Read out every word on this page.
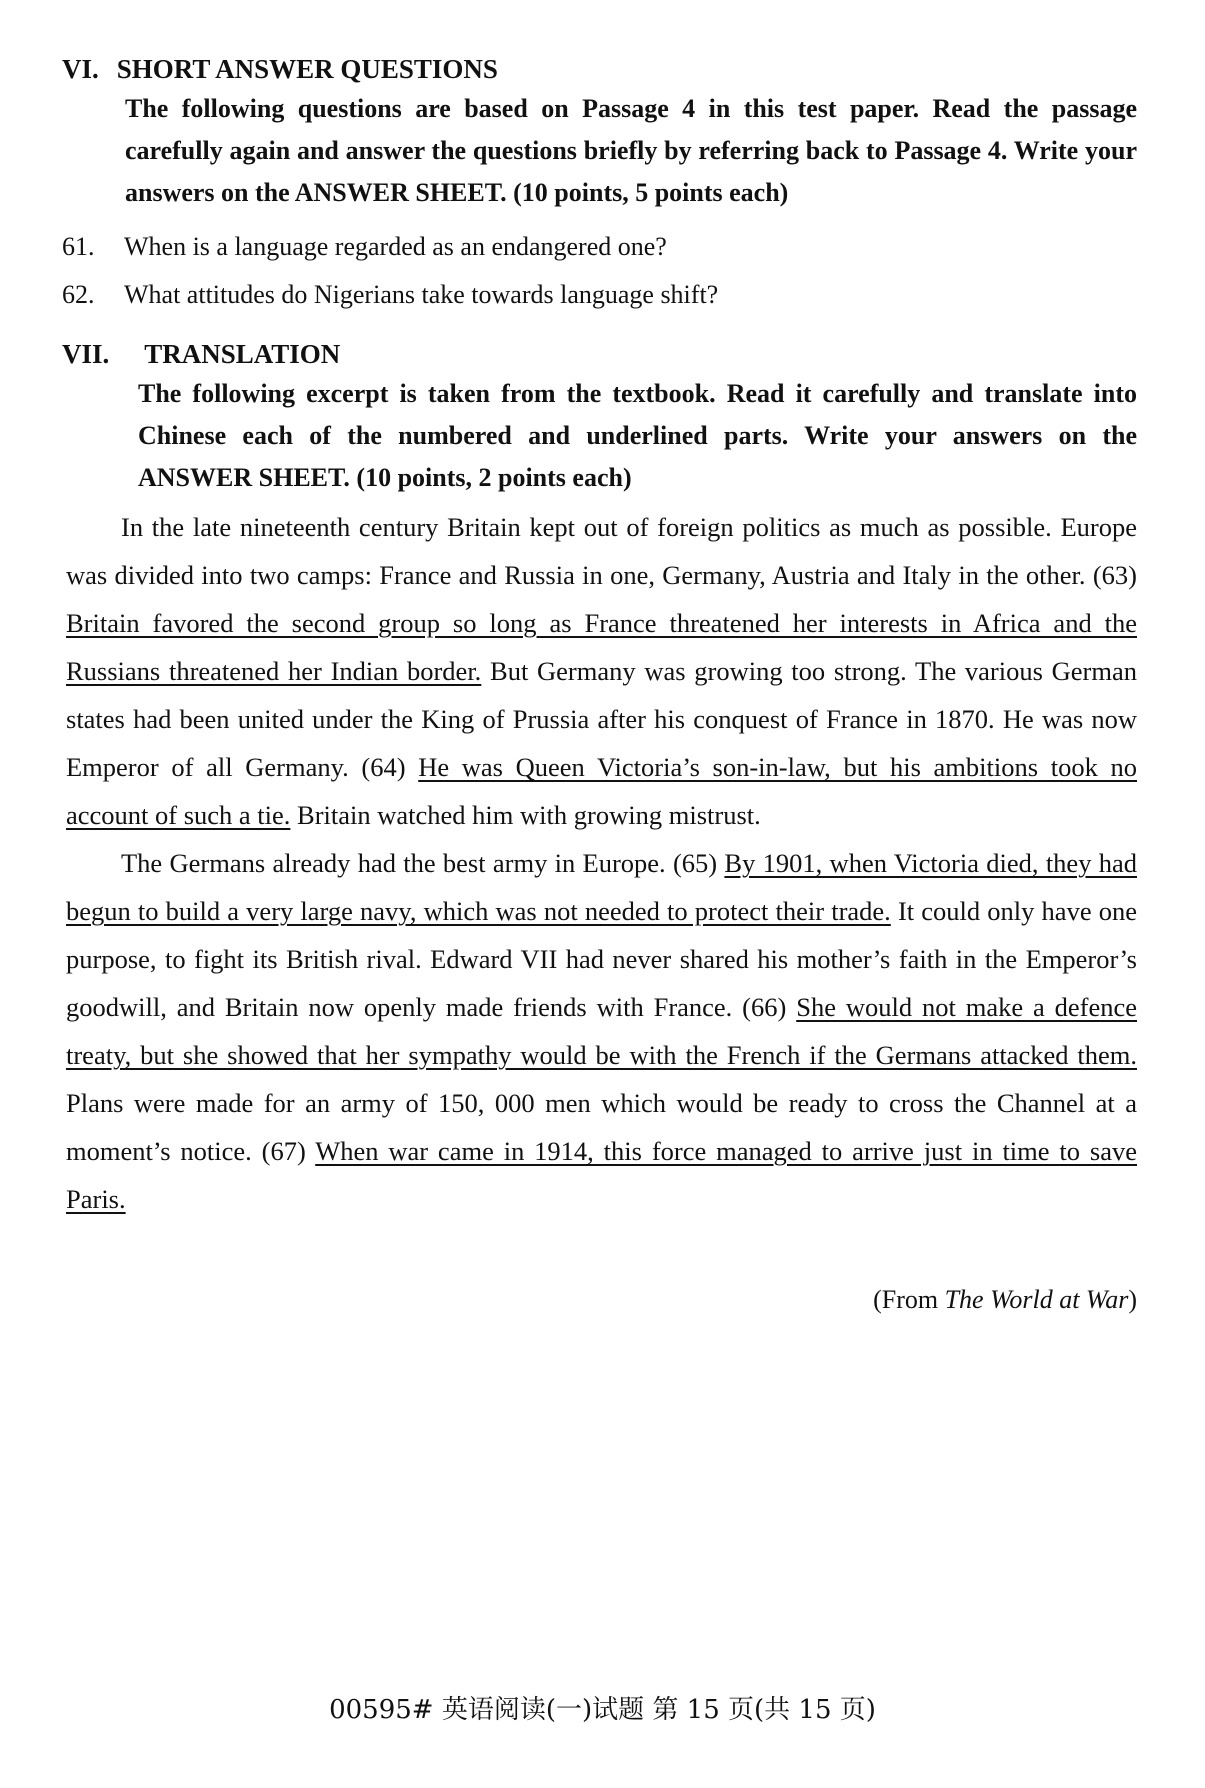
VI. SHORT ANSWER QUESTIONS
The following questions are based on Passage 4 in this test paper. Read the passage carefully again and answer the questions briefly by referring back to Passage 4. Write your answers on the ANSWER SHEET. (10 points, 5 points each)
61. When is a language regarded as an endangered one?
62. What attitudes do Nigerians take towards language shift?
VII. TRANSLATION
The following excerpt is taken from the textbook. Read it carefully and translate into Chinese each of the numbered and underlined parts. Write your answers on the ANSWER SHEET. (10 points, 2 points each)

In the late nineteenth century Britain kept out of foreign politics as much as possible. Europe was divided into two camps: France and Russia in one, Germany, Austria and Italy in the other. (63) Britain favored the second group so long as France threatened her interests in Africa and the Russians threatened her Indian border. But Germany was growing too strong. The various German states had been united under the King of Prussia after his conquest of France in 1870. He was now Emperor of all Germany. (64) He was Queen Victoria’s son-in-law, but his ambitions took no account of such a tie. Britain watched him with growing mistrust.

The Germans already had the best army in Europe. (65) By 1901, when Victoria died, they had begun to build a very large navy, which was not needed to protect their trade. It could only have one purpose, to fight its British rival. Edward VII had never shared his mother’s faith in the Emperor’s goodwill, and Britain now openly made friends with France. (66) She would not make a defence treaty, but she showed that her sympathy would be with the French if the Germans attacked them. Plans were made for an army of 150, 000 men which would be ready to cross the Channel at a moment’s notice. (67) When war came in 1914, this force managed to arrive just in time to save Paris.

(From The World at War)
00595# 英语阅读(一)试题 第 15 页(共 15 页)
